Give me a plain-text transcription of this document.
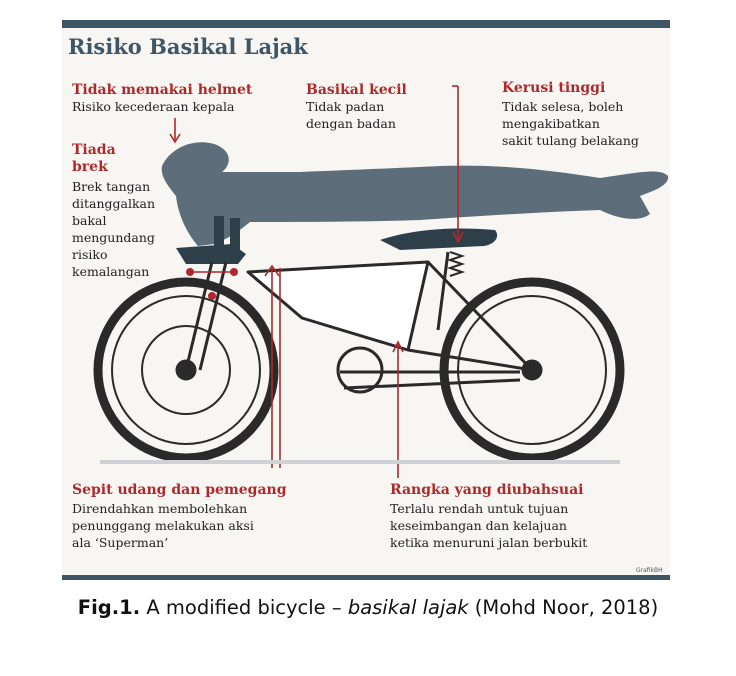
Risiko Basikal Lajak
Tidak memakai helmet
Risiko kecederaan kepala
Basikal kecil
Tidak padan
dengan badan
Kerusi tinggi
Tidak selesa, boleh
mengakibatkan
sakit tulang belakang
Tiada
brek
Brek tangan
ditanggalkan
bakal
mengundang
risiko
kemalangan
Sepit udang dan pemegang
Direndahkan membolehkan
penunggang melakukan aksi
ala ‘Superman’
Rangka yang diubahsuai
Terlalu rendah untuk tujuan
keseimbangan dan kelajuan
ketika menuruni jalan berbukit
GrafikBH
Fig.1. A modified bicycle – basikal lajak (Mohd Noor, 2018)
